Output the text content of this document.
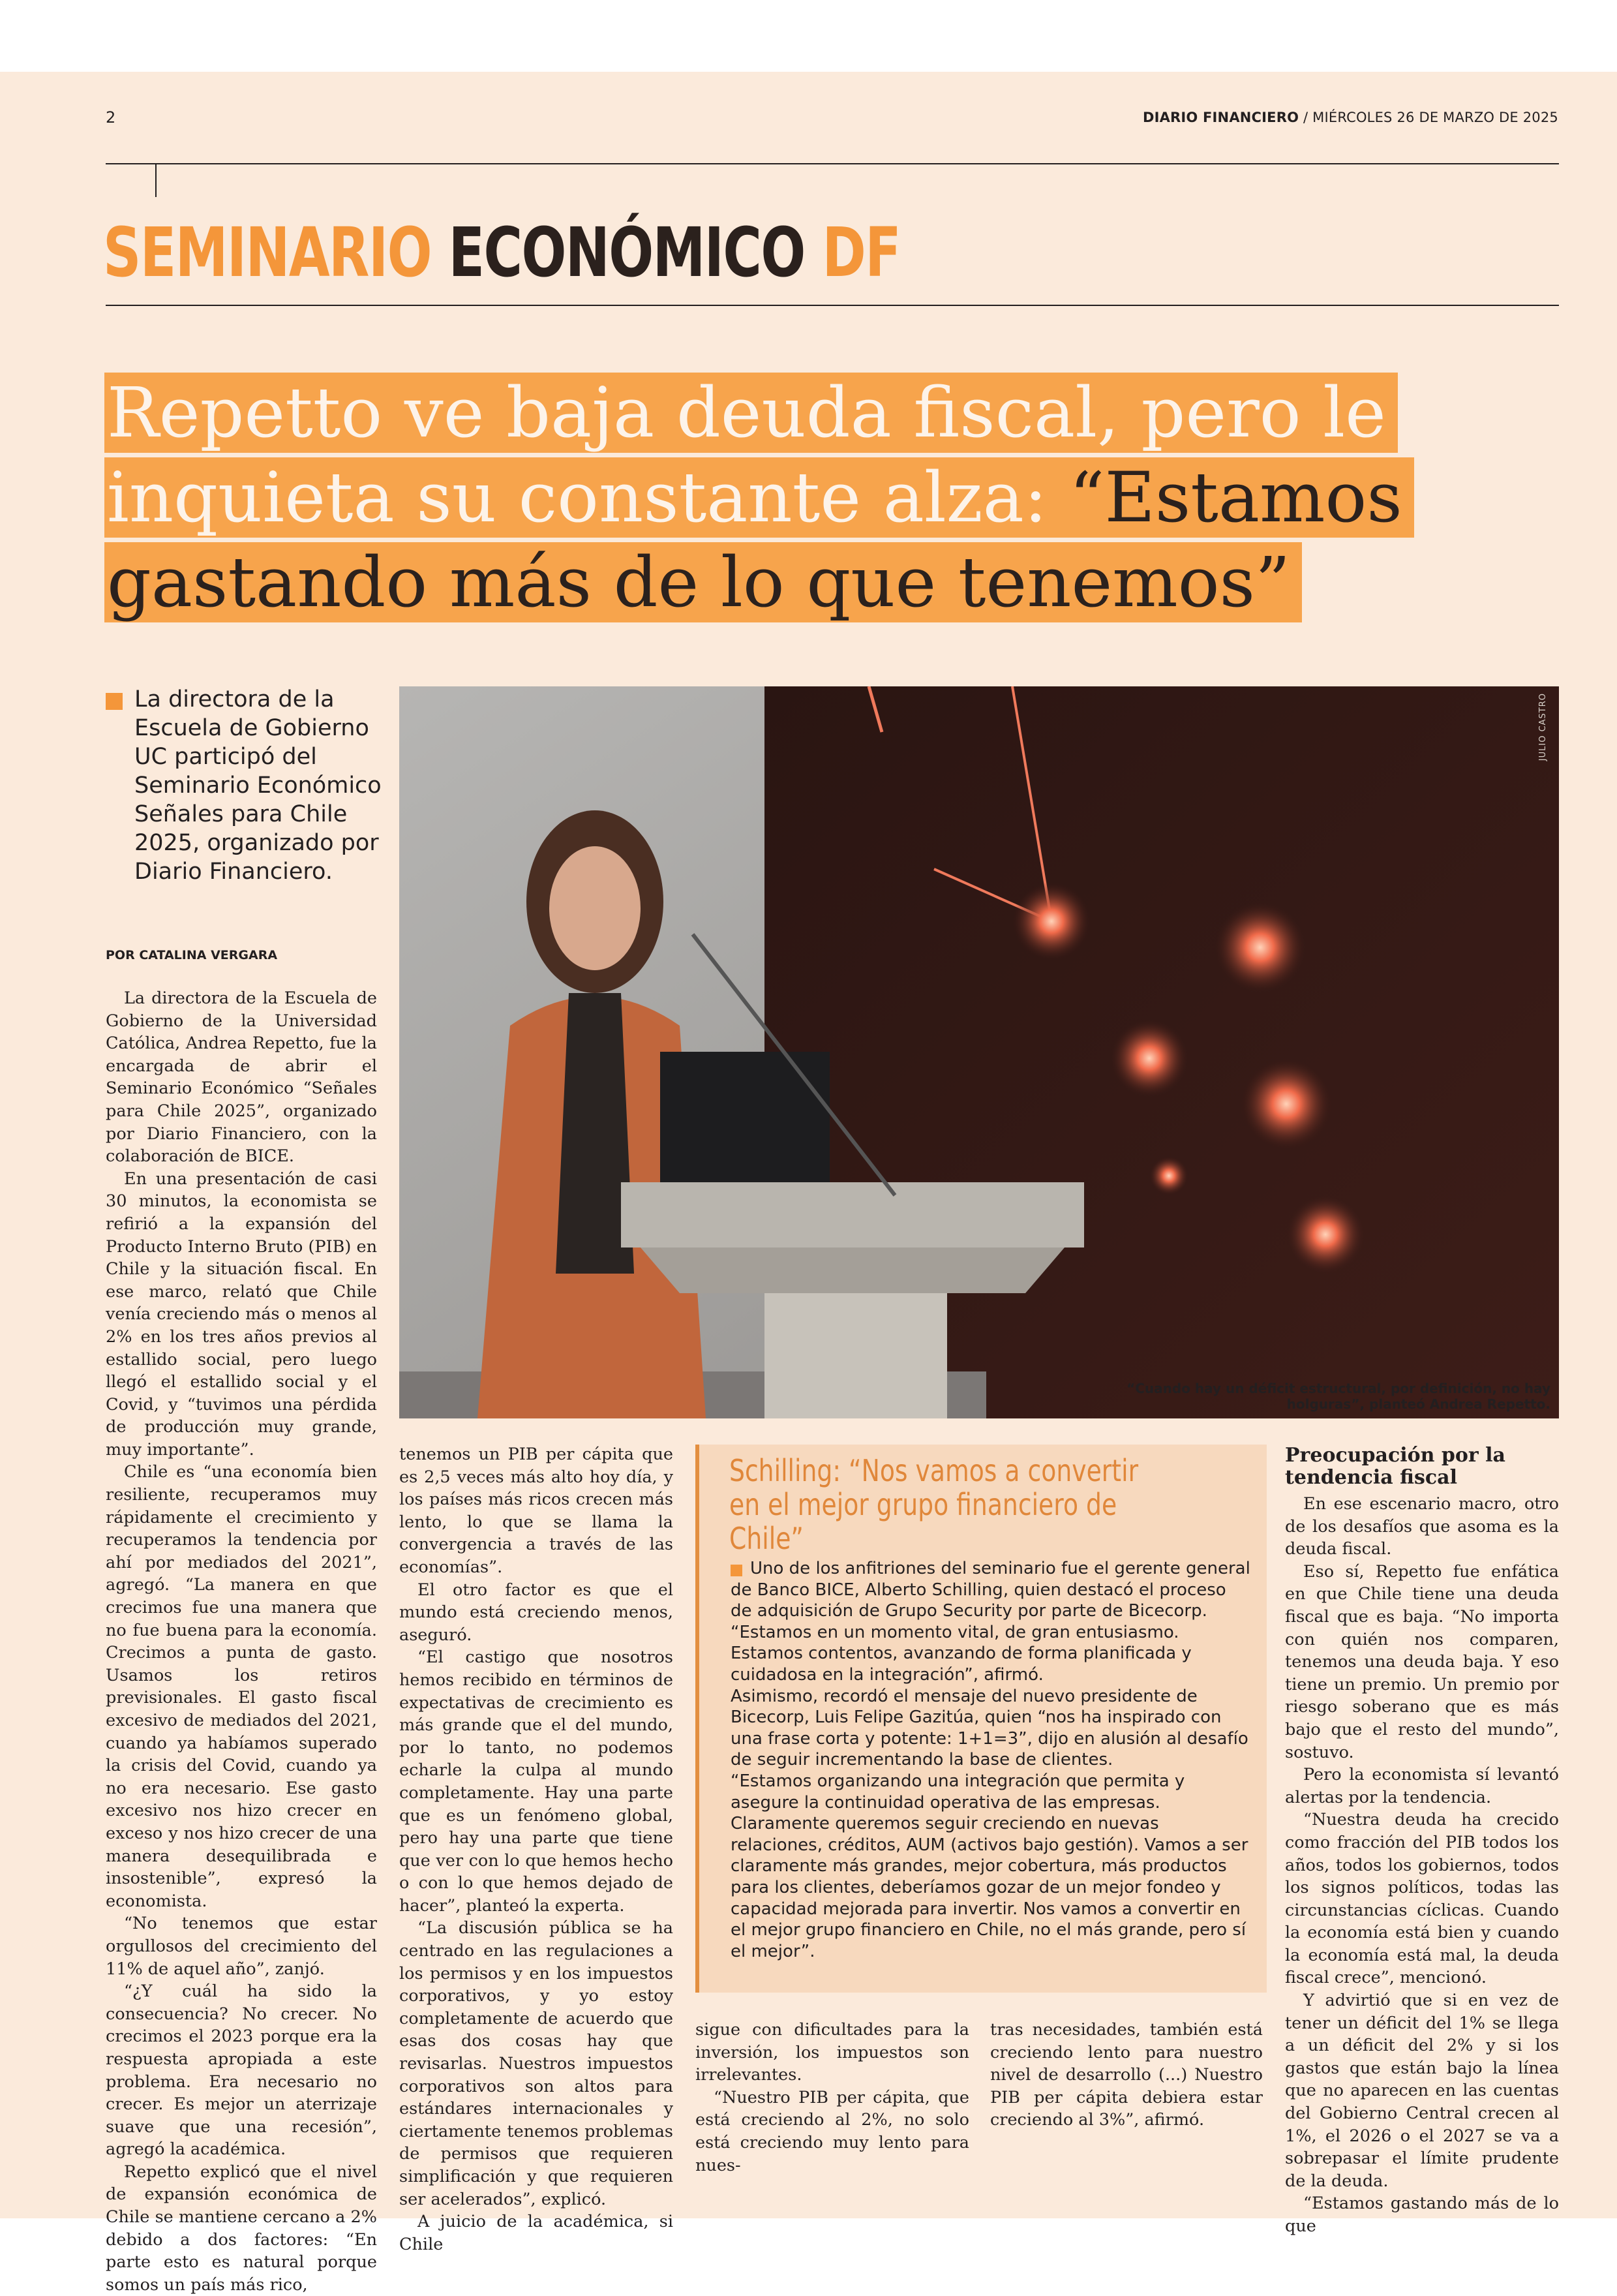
2	DIARIO FINANCIERO / MIÉRCOLES 26 DE MARZO DE 2025
SEMINARIO ECONÓMICO DF
Repetto ve baja deuda fiscal, pero le inquieta su constante alza: “Estamos gastando más de lo que tenemos”
La directora de la Escuela de Gobierno UC participó del Seminario Económico Señales para Chile 2025, organizado por Diario Financiero.
POR CATALINA VERGARA
JULIO CASTRO
“Cuando hay un déficit estructural, por definición, no hay holguras”, planteó Andrea Repetto.

La directora de la Escuela de Gobierno de la Universidad Católica, Andrea Repetto, fue la encargada de abrir el Seminario Económico “Señales para Chile 2025”, organizado por Diario Financiero, con la colaboración de BICE.

En una presentación de casi 30 minutos, la economista se refirió a la expansión del Producto Interno Bruto (PIB) en Chile y la situación fiscal. En ese marco, relató que Chile venía creciendo más o menos al 2% en los tres años previos al estallido social, pero luego llegó el estallido social y el Covid, y “tuvimos una pérdida de producción muy grande, muy importante”.

Chile es “una economía bien resiliente, recuperamos muy rápidamente el crecimiento y recuperamos la tendencia por ahí por mediados del 2021”, agregó. “La manera en que crecimos fue una manera que no fue buena para la economía. Crecimos a punta de gasto. Usamos los retiros previsionales. El gasto fiscal excesivo de mediados del 2021, cuando ya habíamos superado la crisis del Covid, cuando ya no era necesario. Ese gasto excesivo nos hizo crecer en exceso y nos hizo crecer de una manera desequilibrada e insostenible”, expresó la economista.

“No tenemos que estar orgullosos del crecimiento del 11% de aquel año”, zanjó.

“¿Y cuál ha sido la consecuencia? No crecer. No crecimos el 2023 porque era la respuesta apropiada a este problema. Era necesario no crecer. Es mejor un aterrizaje suave que una recesión”, agregó la académica.

Repetto explicó que el nivel de expansión económica de Chile se mantiene cercano a 2% debido a dos factores: “En parte esto es natural porque somos un país más rico,

tenemos un PIB per cápita que es 2,5 veces más alto hoy día, y los países más ricos crecen más lento, lo que se llama la convergencia a través de las economías”.

El otro factor es que el mundo está creciendo menos, aseguró.

“El castigo que nosotros hemos recibido en términos de expectativas de crecimiento es más grande que el del mundo, por lo tanto, no podemos echarle la culpa al mundo completamente. Hay una parte que es un fenómeno global, pero hay una parte que tiene que ver con lo que hemos hecho o con lo que hemos dejado de hacer”, planteó la experta.

“La discusión pública se ha centrado en las regulaciones a los permisos y en los impuestos corporativos, y yo estoy completamente de acuerdo que esas dos cosas hay que revisarlas. Nuestros impuestos corporativos son altos para estándares internacionales y ciertamente tenemos problemas de permisos que requieren simplificación y que requieren ser acelerados”, explicó.

A juicio de la académica, si Chile

Schilling: “Nos vamos a convertir en el mejor grupo financiero de Chile”

Uno de los anfitriones del seminario fue el gerente general de Banco BICE, Alberto Schilling, quien destacó el proceso de adquisición de Grupo Security por parte de Bicecorp. “Estamos en un momento vital, de gran entusiasmo. Estamos contentos, avanzando de forma planificada y cuidadosa en la integración”, afirmó.

Asimismo, recordó el mensaje del nuevo presidente de Bicecorp, Luis Felipe Gazitúa, quien “nos ha inspirado con una frase corta y potente: 1+1=3”, dijo en alusión al desafío de seguir incrementando la base de clientes.

“Estamos organizando una integración que permita y asegure la continuidad operativa de las empresas. Claramente queremos seguir creciendo en nuevas relaciones, créditos, AUM (activos bajo gestión). Vamos a ser claramente más grandes, mejor cobertura, más productos para los clientes, deberíamos gozar de un mejor fondeo y capacidad mejorada para invertir. Nos vamos a convertir en el mejor grupo financiero en Chile, no el más grande, pero sí el mejor”.

sigue con dificultades para la inversión, los impuestos son irrelevantes.

“Nuestro PIB per cápita, que está creciendo al 2%, no solo está creciendo muy lento para nues-

tras necesidades, también está creciendo lento para nuestro nivel de desarrollo (...) Nuestro PIB per cápita debiera estar creciendo al 3%”, afirmó.

Preocupación por la tendencia fiscal

En ese escenario macro, otro de los desafíos que asoma es la deuda fiscal.

Eso sí, Repetto fue enfática en que Chile tiene una deuda fiscal que es baja. “No importa con quién nos comparen, tenemos una deuda baja. Y eso tiene un premio. Un premio por riesgo soberano que es más bajo que el resto del mundo”, sostuvo.

Pero la economista sí levantó alertas por la tendencia.

“Nuestra deuda ha crecido como fracción del PIB todos los años, todos los gobiernos, todos los signos políticos, todas las circunstancias cíclicas. Cuando la economía está bien y cuando la economía está mal, la deuda fiscal crece”, mencionó.

Y advirtió que si en vez de tener un déficit del 1% se llega a un déficit del 2% y si los gastos que están bajo la línea que no aparecen en las cuentas del Gobierno Central crecen al 1%, el 2026 o el 2027 se va a sobrepasar el límite prudente de la deuda.

“Estamos gastando más de lo que
